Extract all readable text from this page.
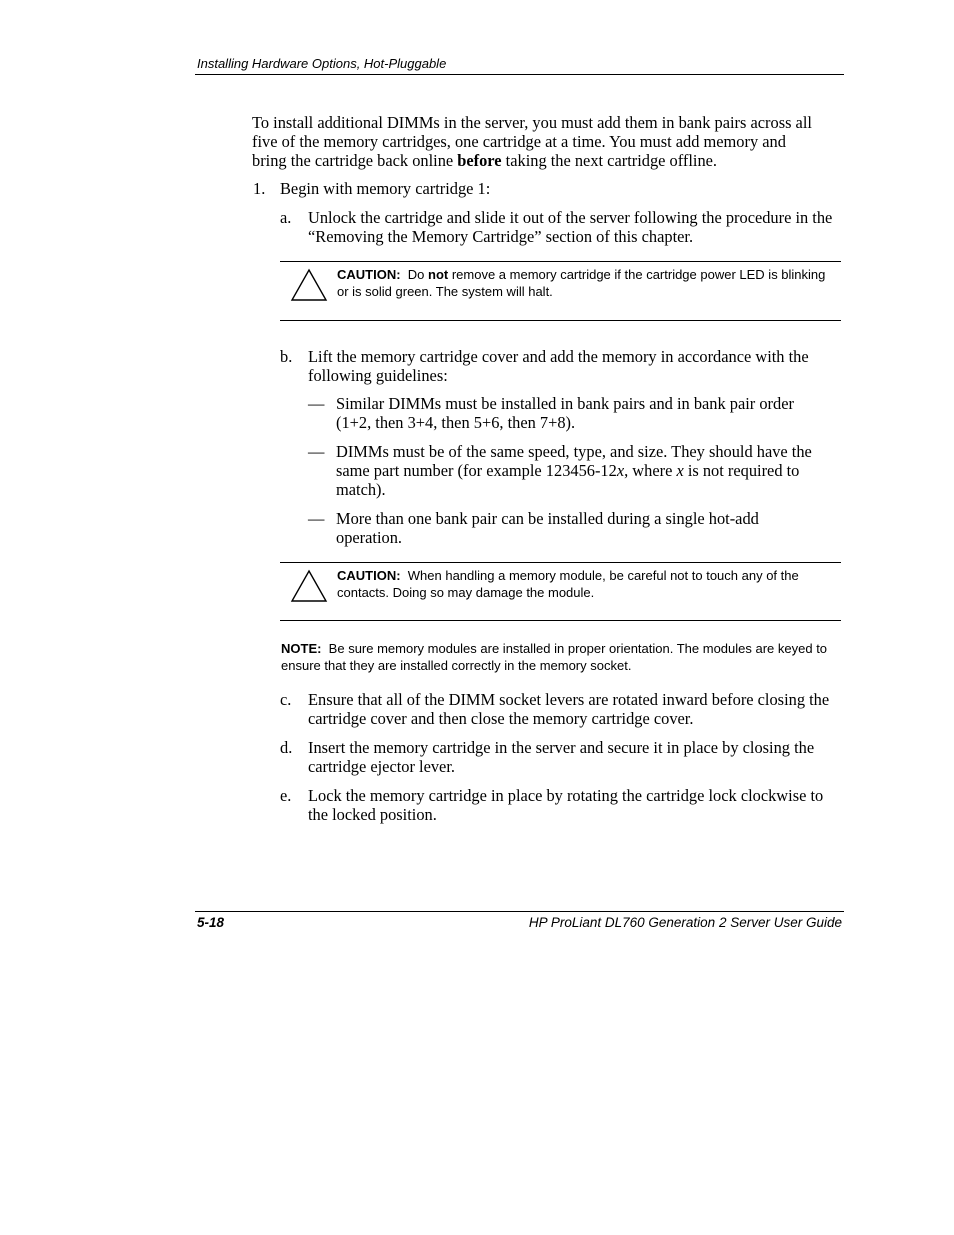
Installing Hardware Options, Hot-Pluggable
To install additional DIMMs in the server, you must add them in bank pairs across all
five of the memory cartridges, one cartridge at a time. You must add memory and
bring the cartridge back online before taking the next cartridge offline.
1. Begin with memory cartridge 1:
a. Unlock the cartridge and slide it out of the server following the procedure in the “Removing the Memory Cartridge” section of this chapter.
CAUTION:  Do not remove a memory cartridge if the cartridge power LED is blinking or is solid green. The system will halt.
b. Lift the memory cartridge cover and add the memory in accordance with the following guidelines:
— Similar DIMMs must be installed in bank pairs and in bank pair order (1+2, then 3+4, then 5+6, then 7+8).
— DIMMs must be of the same speed, type, and size. They should have the same part number (for example 123456-12x, where x is not required to match).
— More than one bank pair can be installed during a single hot-add operation.
CAUTION:  When handling a memory module, be careful not to touch any of the contacts. Doing so may damage the module.
NOTE:  Be sure memory modules are installed in proper orientation. The modules are keyed to ensure that they are installed correctly in the memory socket.
c. Ensure that all of the DIMM socket levers are rotated inward before closing the cartridge cover and then close the memory cartridge cover.
d. Insert the memory cartridge in the server and secure it in place by closing the cartridge ejector lever.
e. Lock the memory cartridge in place by rotating the cartridge lock clockwise to the locked position.
5-18	HP ProLiant DL760 Generation 2 Server User Guide
